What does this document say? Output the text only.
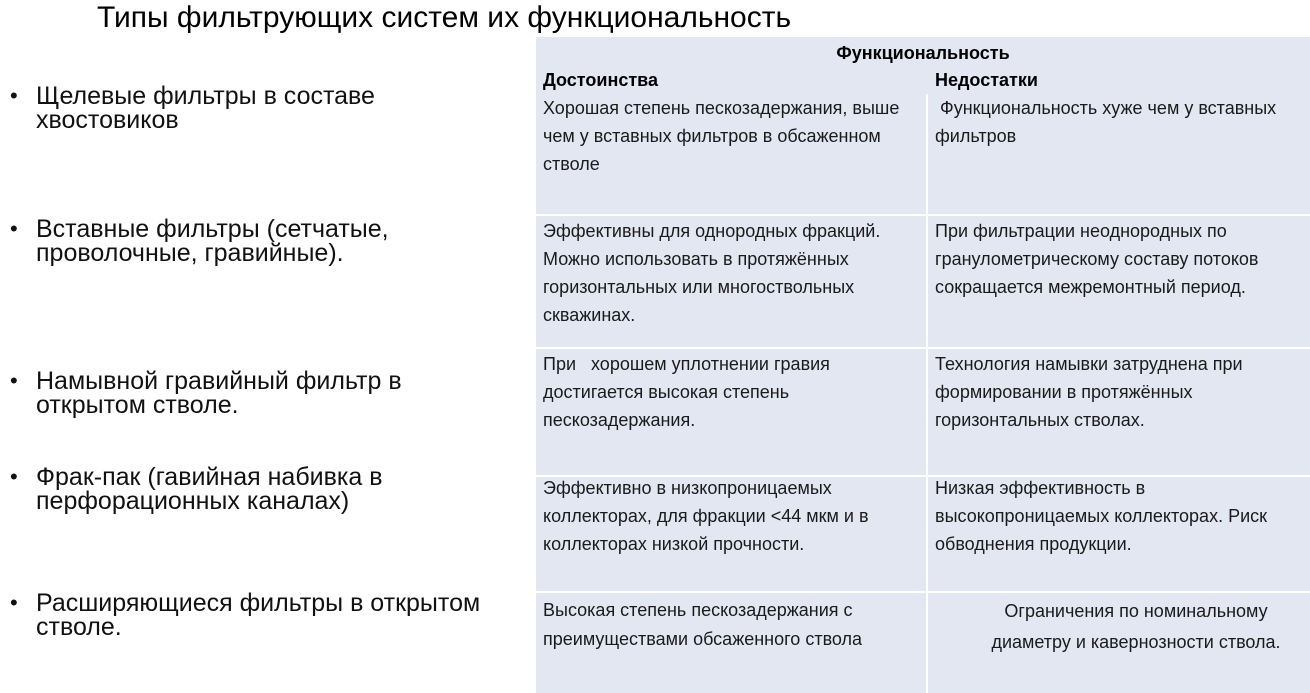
Типы фильтрующих систем их функциональность
• Щелевые фильтры в составе хвостовиков
• Вставные фильтры (сетчатые, проволочные, гравийные).
• Намывной гравийный фильтр в открытом стволе.
• Фрак-пак (гавийная набивка в перфорационных каналах)
• Расширяющиеся фильтры в открытом стволе.
Функциональность
Достоинства	Недостатки
Хорошая степень пескозадержания, выше чем у вставных фильтров в обсаженном стволе
Функциональность хуже чем у вставных фильтров
Эффективны для однородных фракций. Можно использовать в протяжённых горизонтальных или многоствольных скважинах.
При фильтрации неоднородных по гранулометрическому составу потоков сокращается межремонтный период.
При   хорошем уплотнении гравия достигается высокая степень пескозадержания.
Технология намывки затруднена при формировании в протяжённых горизонтальных стволах.
Эффективно в низкопроницаемых коллекторах, для фракции <44 мкм и в коллекторах низкой прочности.
Низкая эффективность в высокопроницаемых коллекторах. Риск обводнения продукции.
Высокая степень пескозадержания с преимуществами обсаженного ствола
Ограничения по номинальному диаметру и кавернозности ствола.
